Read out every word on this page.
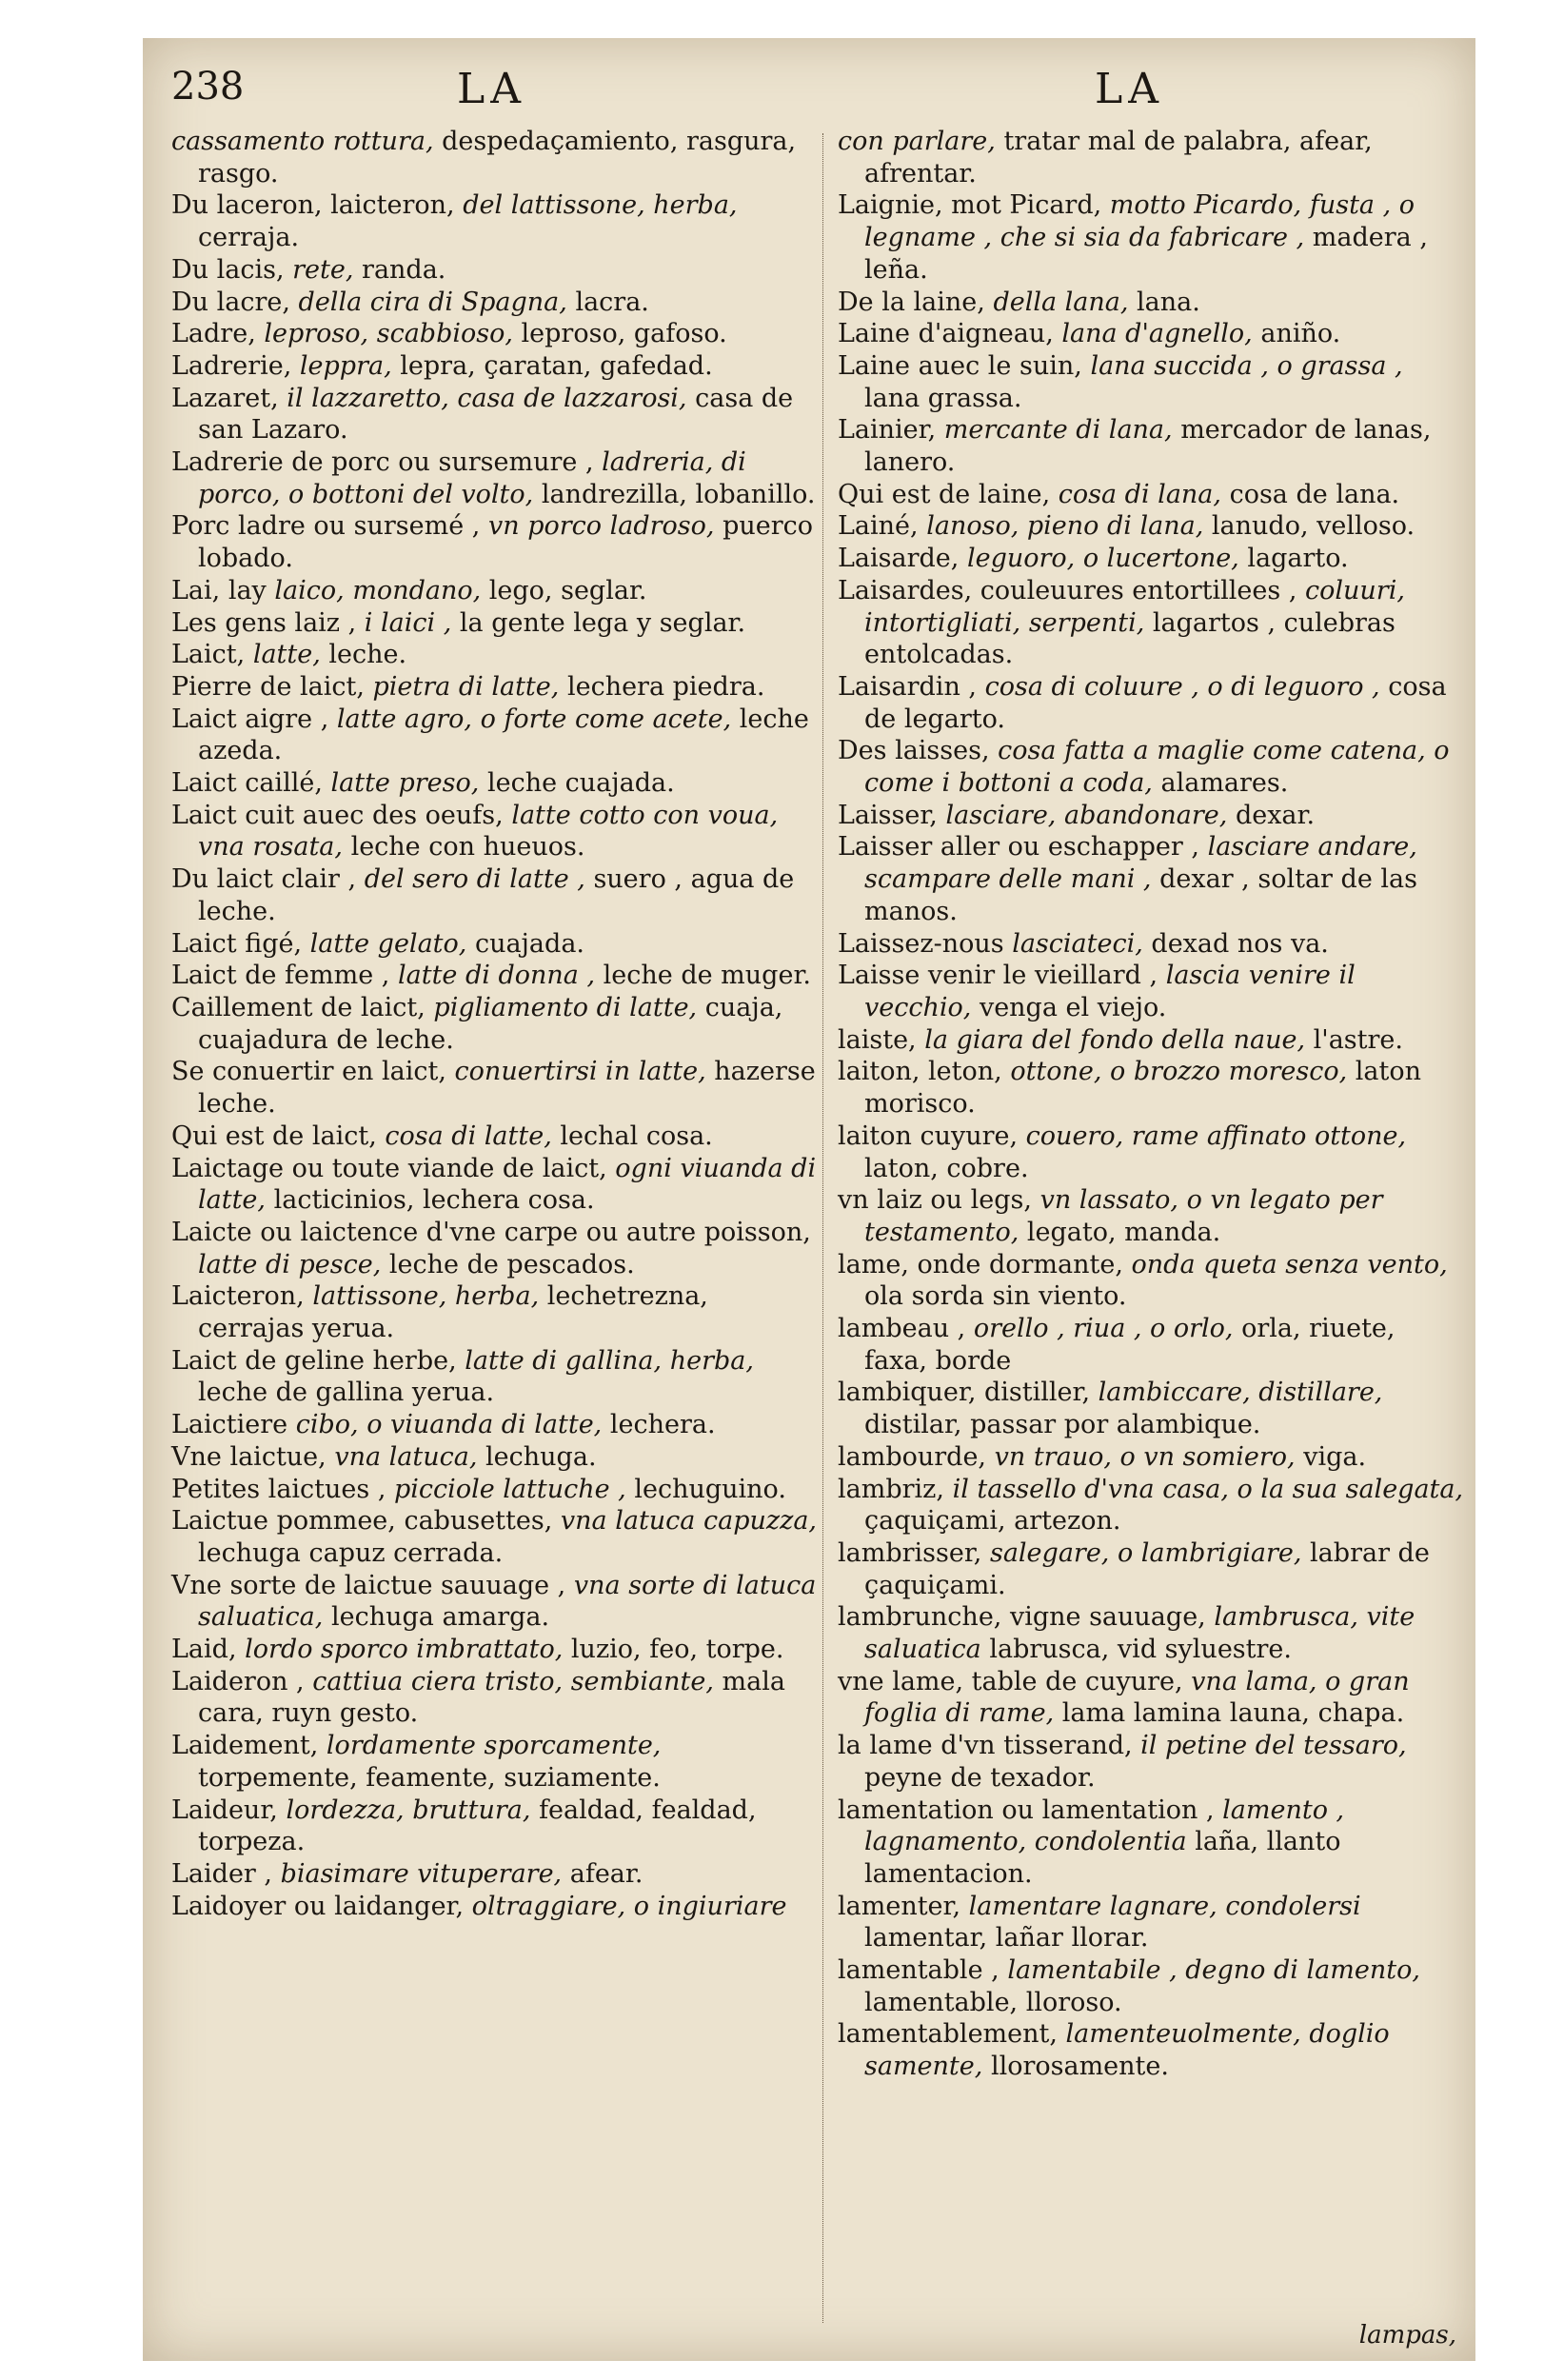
238	LA	LA

cassamento rottura, despedaçamiento, rasgura, rasgo.

Du laceron, laicteron, del lattissone, herba, cerraja.

Du lacis, rete, randa.

Du lacre, della cira di Spagna, lacra.

Ladre, leproso, scabbioso, leproso, gafoso.

Ladrerie, leppra, lepra, çaratan, gafedad.

Lazaret, il lazzaretto, casa de lazzarosi, casa de san Lazaro.

Ladrerie de porc ou sursemure , ladreria, di porco, o bottoni del volto, landrezilla, lobanillo.

Porc ladre ou sursemé , vn porco ladroso, puerco lobado.

Lai, lay laico, mondano, lego, seglar.

Les gens laiz , i laici , la gente lega y seglar.

Laict, latte, leche.

Pierre de laict, pietra di latte, lechera piedra.

Laict aigre , latte agro, o forte come acete, leche azeda.

Laict caillé, latte preso, leche cuajada.

Laict cuit auec des oeufs, latte cotto con voua, vna rosata, leche con hueuos.

Du laict clair , del sero di latte , suero , agua de leche.

Laict figé, latte gelato, cuajada.

Laict de femme , latte di donna , leche de muger.

Caillement de laict, pigliamento di latte, cuaja, cuajadura de leche.

Se conuertir en laict, conuertirsi in latte, hazerse leche.

Qui est de laict, cosa di latte, lechal cosa.

Laictage ou toute viande de laict, ogni viuanda di latte, lacticinios, lechera cosa.

Laicte ou laictence d'vne carpe ou autre poisson, latte di pesce, leche de pescados.

Laicteron, lattissone, herba, lechetrezna, cerrajas yerua.

Laict de geline herbe, latte di gallina, herba, leche de gallina yerua.

Laictiere cibo, o viuanda di latte, lechera.

Vne laictue, vna latuca, lechuga.

Petites laictues , picciole lattuche , lechuguino.

Laictue pommee, cabusettes, vna latuca capuzza, lechuga capuz cerrada.

Vne sorte de laictue sauuage , vna sorte di latuca saluatica, lechuga amarga.

Laid, lordo sporco imbrattato, luzio, feo, torpe.

Laideron , cattiua ciera tristo, sembiante, mala cara, ruyn gesto.

Laidement, lordamente sporcamente, torpemente, feamente, suziamente.

Laideur, lordezza, bruttura, fealdad, fealdad, torpeza.

Laider , biasimare vituperare, afear.

Laidoyer ou laidanger, oltraggiare, o ingiuriare

con parlare, tratar mal de palabra, afear, afrentar.

Laignie, mot Picard, motto Picardo, fusta , o legname , che si sia da fabricare , madera , leña.

De la laine, della lana, lana.

Laine d'aigneau, lana d'agnello, aniño.

Laine auec le suin, lana succida , o grassa , lana grassa.

Lainier, mercante di lana, mercador de lanas, lanero.

Qui est de laine, cosa di lana, cosa de lana.

Lainé, lanoso, pieno di lana, lanudo, velloso.

Laisarde, leguoro, o lucertone, lagarto.

Laisardes, couleuures entortillees , coluuri, intortigliati, serpenti, lagartos , culebras entolcadas.

Laisardin , cosa di coluure , o di leguoro , cosa de legarto.

Des laisses, cosa fatta a maglie come catena, o come i bottoni a coda, alamares.

Laisser, lasciare, abandonare, dexar.

Laisser aller ou eschapper , lasciare andare, scampare delle mani , dexar , soltar de las manos.

Laissez-nous lasciateci, dexad nos va.

Laisse venir le vieillard , lascia venire il vecchio, venga el viejo.

laiste, la giara del fondo della naue, l'astre.

laiton, leton, ottone, o brozzo moresco, laton morisco.

laiton cuyure, couero, rame affinato ottone, laton, cobre.

vn laiz ou legs, vn lassato, o vn legato per testamento, legato, manda.

lame, onde dormante, onda queta senza vento, ola sorda sin viento.

lambeau , orello , riua , o orlo, orla, riuete, faxa, borde

lambiquer, distiller, lambiccare, distillare, distilar, passar por alambique.

lambourde, vn trauo, o vn somiero, viga.

lambriz, il tassello d'vna casa, o la sua salegata, çaquiçami, artezon.

lambrisser, salegare, o lambrigiare, labrar de çaquiçami.

lambrunche, vigne sauuage, lambrusca, vite saluatica labrusca, vid syluestre.

vne lame, table de cuyure, vna lama, o gran foglia di rame, lama lamina launa, chapa.

la lame d'vn tisserand, il petine del tessaro, peyne de texador.

lamentation ou lamentation , lamento , lagnamento, condolentia laña, llanto lamentacion.

lamenter, lamentare lagnare, condolersi lamentar, lañar llorar.

lamentable , lamentabile , degno di lamento, lamentable, lloroso.

lamentablement, lamenteuolmente, doglio samente, llorosamente.

lampas,
